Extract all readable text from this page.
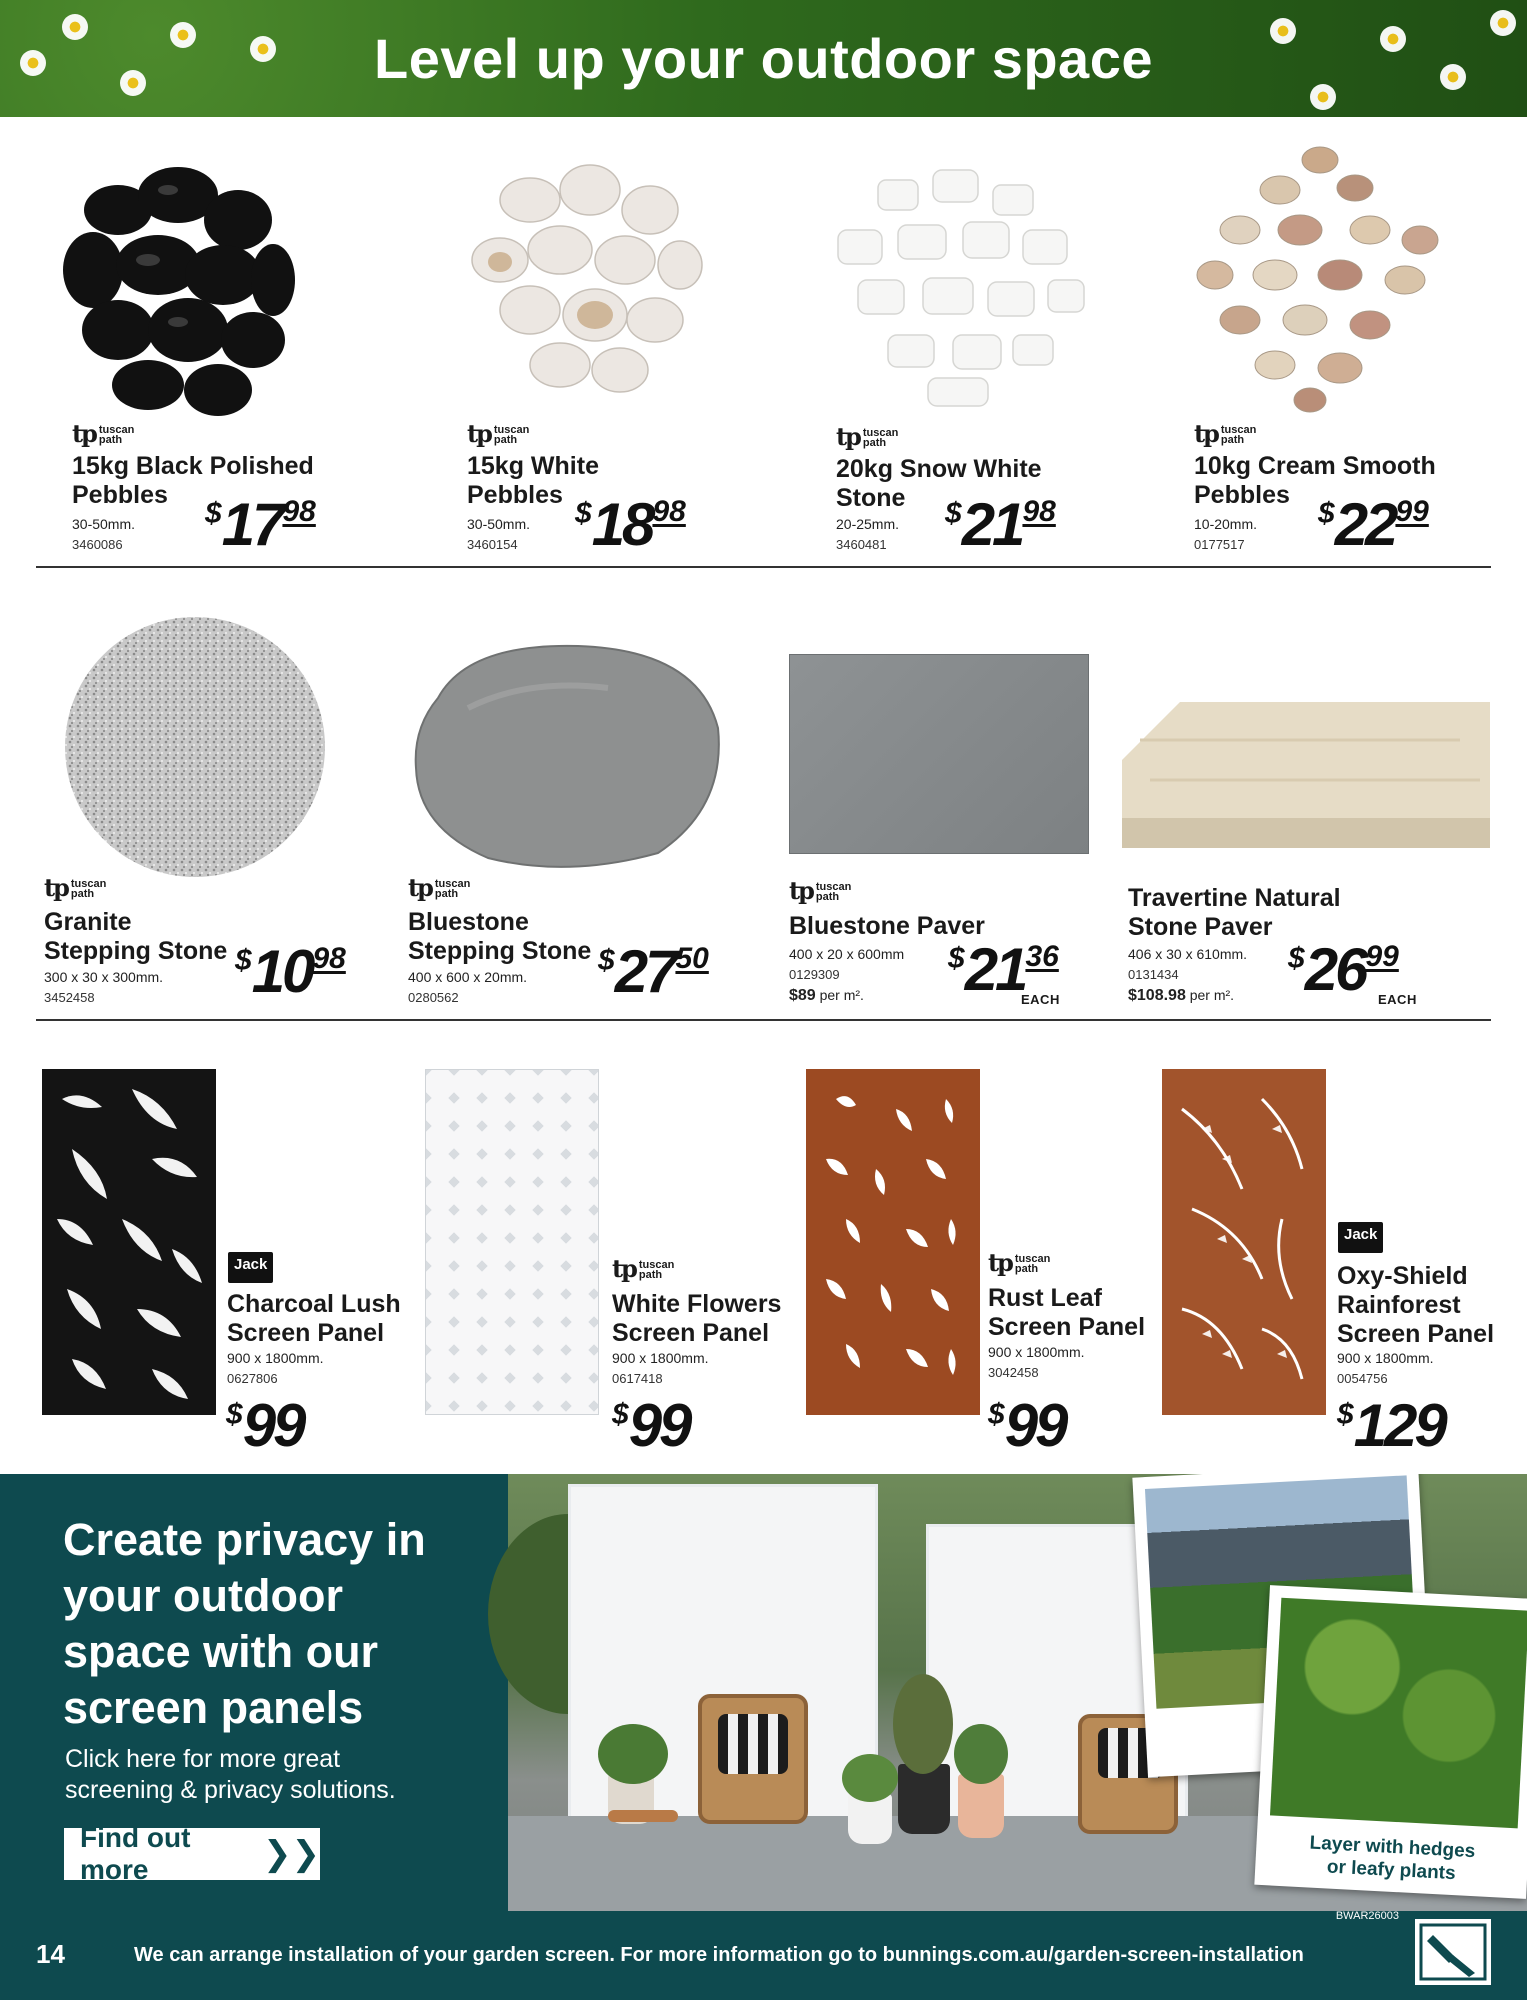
Level up your outdoor space
tp tuscan
path
15kg Black Polished
Pebbles
30-50mm.
3460086
$ 17 98
tp tuscan
path
15kg White
Pebbles
30-50mm.
3460154
$ 18 98
tp tuscan
path
20kg Snow White
Stone
20-25mm.
3460481
$ 21 98
tp tuscan
path
10kg Cream Smooth
Pebbles
10-20mm.
0177517
$ 22 99
tp tuscan
path
Granite
Stepping Stone
300 x 30 x 300mm.
3452458
$ 10 98
tp tuscan
path
Bluestone
Stepping Stone
400 x 600 x 20mm.
0280562
$ 27 50
tp tuscan
path
Bluestone Paver
400 x 20 x 600mm
0129309
$89 per m².
$ 21 36
EACH
Travertine Natural
Stone Paver
406 x 30 x 610mm.
0131434
$108.98 per m².
$ 26 99
EACH
Jack
Charcoal Lush
Screen Panel
900 x 1800mm.
0627806
$ 99
tp tuscan
path
White Flowers
Screen Panel
900 x 1800mm.
0617418
$ 99
tp tuscan
path
Rust Leaf
Screen Panel
900 x 1800mm.
3042458
$ 99
Jack
Oxy-Shield
Rainforest
Screen Panel
900 x 1800mm.
0054756
$ 129
Create privacy in your outdoor space with our screen panels
Click here for more great screening & privacy solutions.
Find out more	❯❯	Layer with hedges
or leafy plants
BWAR26003
14	We can arrange installation of your garden screen. For more information go to bunnings.com.au/garden-screen-installation
